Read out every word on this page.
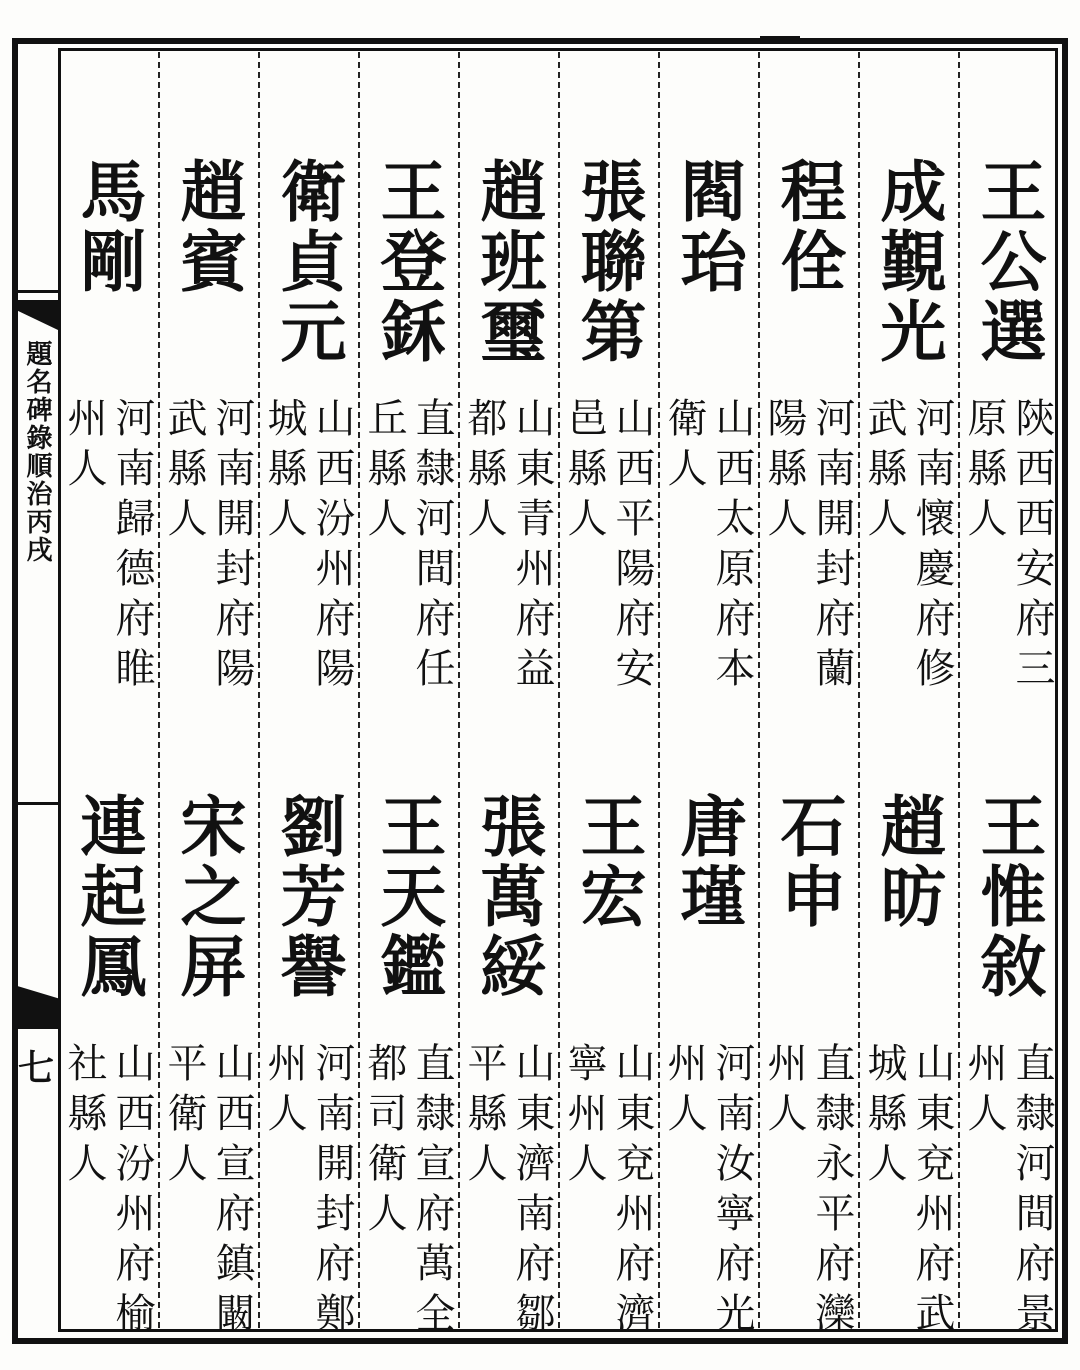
題名碑錄順治丙戌
七
王公選
陝西西安府三
原縣人
王惟敘
直隸河間府景
州人
成覲光
河南懷慶府修
武縣人
趙昉
山東兗州府武
城縣人
程佺
河南開封府蘭
陽縣人
石申
直隸永平府灤
州人
閻珆
山西太原府本
衛人
唐瑾
河南汝寧府光
州人
張聯第
山西平陽府安
邑縣人
王宏
山東兗州府濟
寧州人
趙班璽
山東青州府益
都縣人
張萬綏
山東濟南府鄒
平縣人
王登鉌
直隸河間府任
丘縣人
王天鑑
直隸宣府萬全
都司衛人
衛貞元
山西汾州府陽
城縣人
劉芳譽
河南開封府鄭
州人
趙賓
河南開封府陽
武縣人
宋之屏
山西宣府鎮闞
平衛人
馬剛
河南歸德府睢
州人
連起鳳
山西汾州府榆
社縣人
